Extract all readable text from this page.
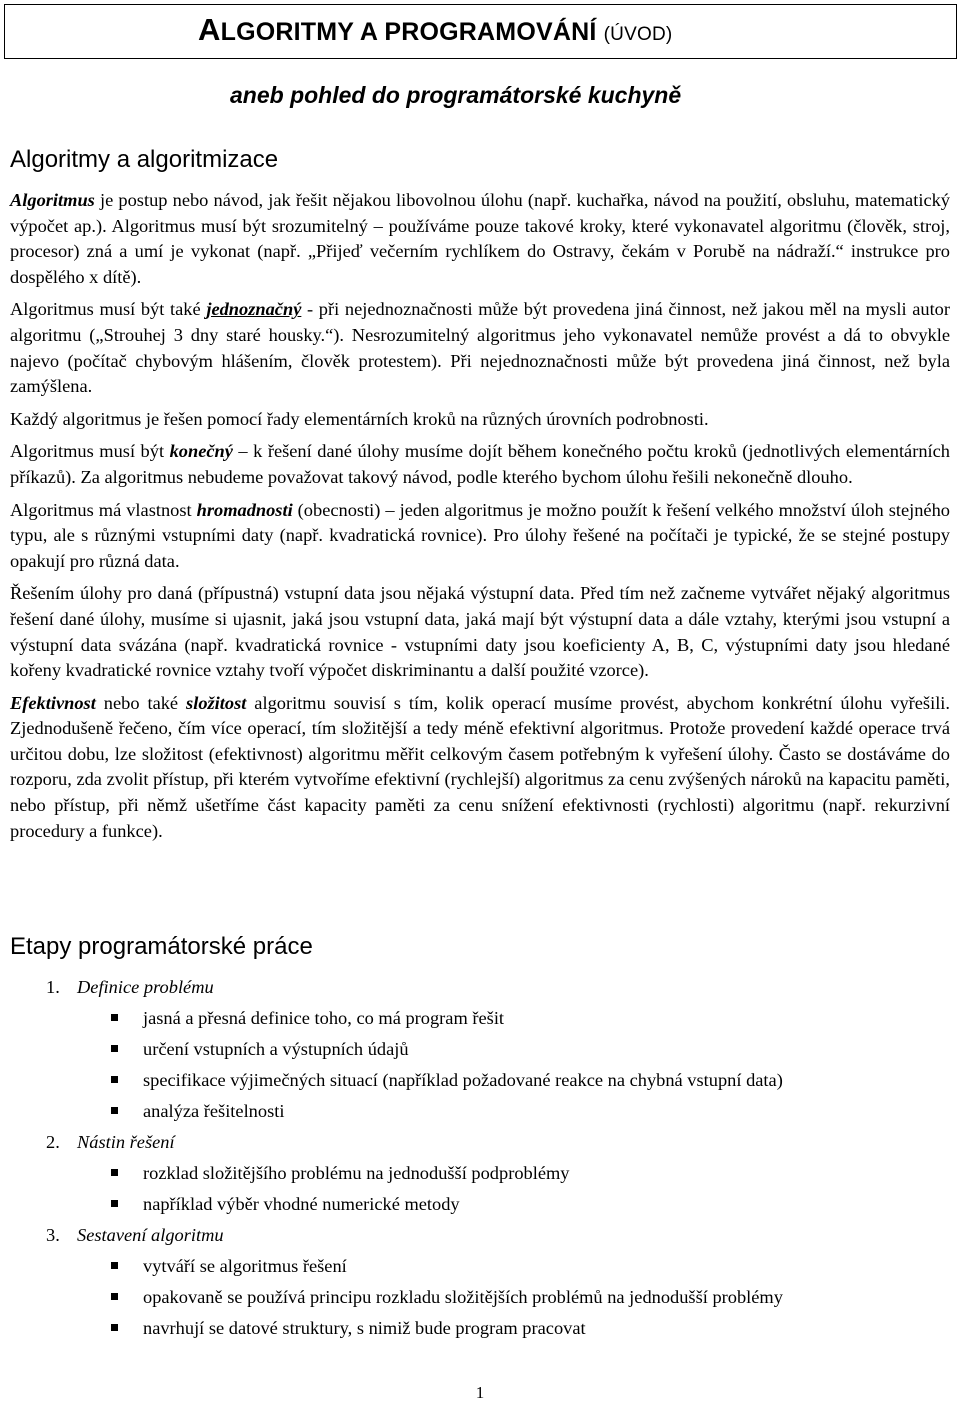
ALGORITMY A PROGRAMOVÁNÍ (ÚVOD)
aneb pohled do programátorské kuchyně
Algoritmy a algoritmizace

Algoritmus je postup nebo návod, jak řešit nějakou libovolnou úlohu (např. kuchařka, návod na použití, obsluhu, matematický výpočet ap.). Algoritmus musí být srozumitelný – používáme pouze takové kroky, které vykonavatel algoritmu (člověk, stroj, procesor) zná a umí je vykonat (např. „Přijeď večerním rychlíkem do Ostravy, čekám v Porubě na nádraží.“ instrukce pro dospělého x dítě).

Algoritmus musí být také jednoznačný - při nejednoznačnosti může být provedena jiná činnost, než jakou měl na mysli autor algoritmu („Strouhej 3 dny staré housky.“). Nesrozumitelný algoritmus jeho vykonavatel nemůže provést a dá to obvykle najevo (počítač chybovým hlášením, člověk protestem). Při nejednoznačnosti může být provedena jiná činnost, než byla zamýšlena.

Každý algoritmus je řešen pomocí řady elementárních kroků na různých úrovních podrobnosti.

Algoritmus musí být konečný – k řešení dané úlohy musíme dojít během konečného počtu kroků (jednotlivých elementárních příkazů). Za algoritmus nebudeme považovat takový návod, podle kterého bychom úlohu řešili nekonečně dlouho.

Algoritmus má vlastnost hromadnosti (obecnosti) – jeden algoritmus je možno použít k řešení velkého množství úloh stejného typu, ale s různými vstupními daty (např. kvadratická rovnice). Pro úlohy řešené na počítači je typické, že se stejné postupy opakují pro různá data.

Řešením úlohy pro daná (přípustná) vstupní data jsou nějaká výstupní data. Před tím než začneme vytvářet nějaký algoritmus řešení dané úlohy, musíme si ujasnit, jaká jsou vstupní data, jaká mají být výstupní data a dále vztahy, kterými jsou vstupní a výstupní data svázána (např. kvadratická rovnice - vstupními daty jsou koeficienty A, B, C, výstupními daty jsou hledané kořeny kvadratické rovnice vztahy tvoří výpočet diskriminantu a další použité vzorce).

Efektivnost nebo také složitost algoritmu souvisí s tím, kolik operací musíme provést, abychom konkrétní úlohu vyřešili. Zjednodušeně řečeno, čím více operací, tím složitější a tedy méně efektivní algoritmus. Protože provedení každé operace trvá určitou dobu, lze složitost (efektivnost) algoritmu měřit celkovým časem potřebným k vyřešení úlohy. Často se dostáváme do rozporu, zda zvolit přístup, při kterém vytvoříme efektivní (rychlejší) algoritmus za cenu zvýšených nároků na kapacitu paměti, nebo přístup, při němž ušetříme část kapacity paměti za cenu snížení efektivnosti (rychlosti) algoritmu (např. rekurzivní procedury a funkce).

Etapy programátorské práce
1. Definice problému
jasná a přesná definice toho, co má program řešit
určení vstupních a výstupních údajů
specifikace výjimečných situací (například požadované reakce na chybná vstupní data)
analýza řešitelnosti
2. Nástin řešení
rozklad složitějšího problému na jednodušší podproblémy
například výběr vhodné numerické metody
3. Sestavení algoritmu
vytváří se algoritmus řešení
opakovaně se používá principu rozkladu složitějších problémů na jednodušší problémy
navrhují se datové struktury, s nimiž bude program pracovat
1
